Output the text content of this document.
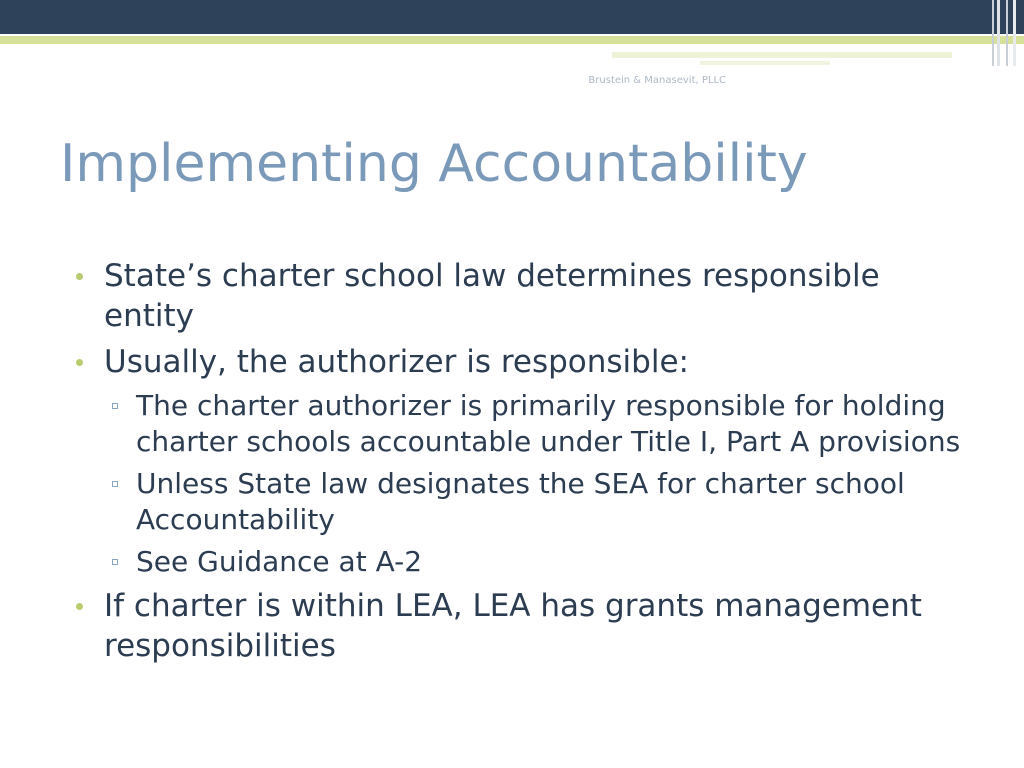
Brustein & Manasevit, PLLC
Implementing Accountability
State’s charter school law determines responsible entity
Usually, the authorizer is responsible:
The charter authorizer is primarily responsible for holding charter schools accountable under Title I, Part A provisions
Unless State law designates the SEA for charter school Accountability
See Guidance at A-2
If charter is within LEA, LEA has grants management responsibilities
